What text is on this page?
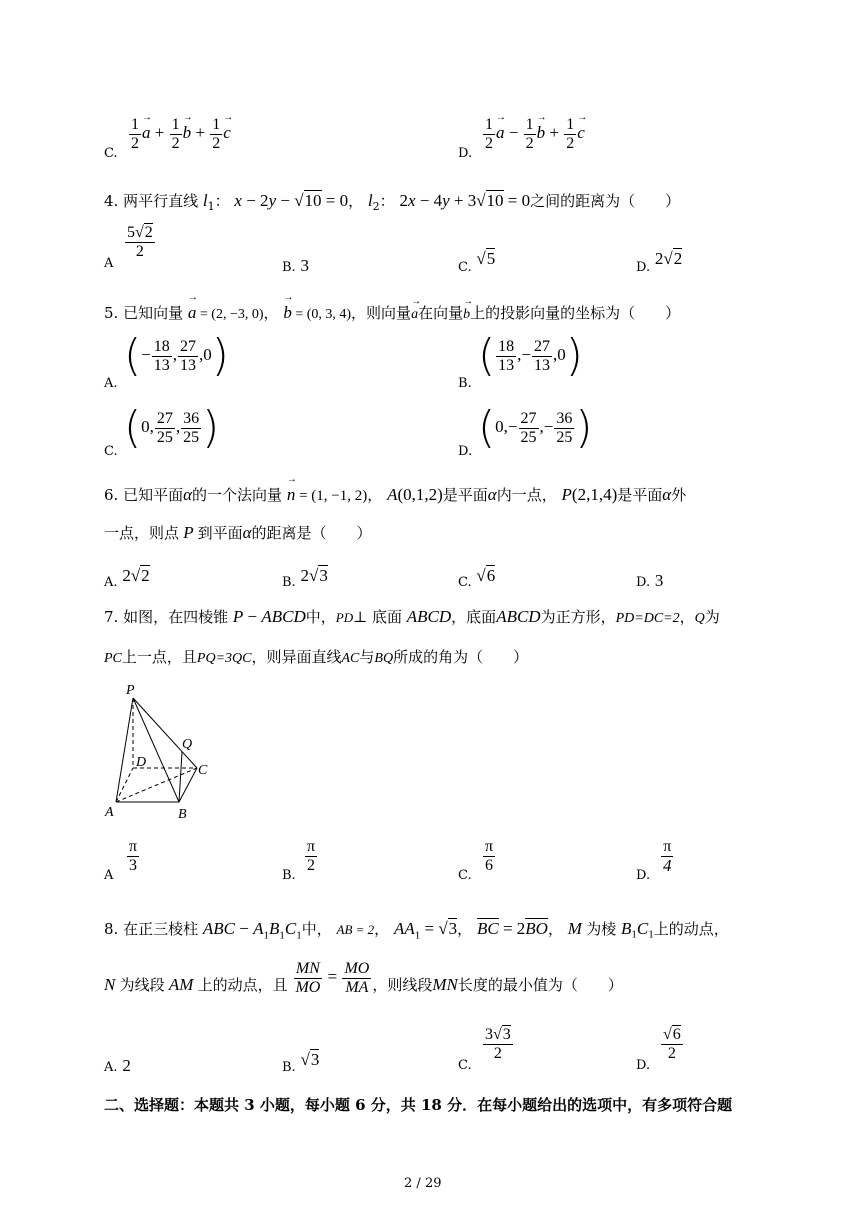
C.
$\frac{1}{2}$
→ $a + \frac{1}{2}$
→ $b + \frac{1}{2}$
→ c
D.
$\frac{1}{2}$
→ $a - \frac{1}{2}$
→ $b + \frac{1}{2}$
→ c
4. 两平行直线 $l_1$： x − 2y − √10 = 0， $l_2$： 2x − 4y + 3√10 = 0之间的距离为（　　）
A
$\frac{5√2}{2}$
B. 3	C. √5	D. 2√2
5. 已知向量 → a = (2, −3, 0)， → b = (0, 3, 4)，则向量→ a在向量→ b上的投影向量的坐标为（　　）
A.
(− $\frac{18}{13}$ , $\frac{27}{13} ,0$)
B.
( $\frac{18}{13}$ ,− $\frac{27}{13} ,0$)
C. (0, $\frac{27}{25}$ , $\frac{36}{25}$ )	D. ($0,- \frac{27}{25}$ ,− $\frac{36}{25}$ )
6. 已知平面α的一个法向量 → n = (1, −1, 2)， A(0,1,2)是平面α内一点， P(2,1,4)是平面α外
一点，则点 P 到平面α的距离是（　　）
A. 2√2	B. 2√3	C. √6	D. 3
7. 如图，在四棱锥 P − ABCD中，PD⊥ 底面 ABCD，底面ABCD为正方形，PD=DC=2，Q为
PC上一点，且PQ=3QC，则异面直线AC与BQ所成的角为（　　）
P
Q
D
C
A	B
A
$\frac{\pi}{3}$
B.
$\frac{\pi}{2}$
C.
$\frac{\pi}{6}$
D.
$\frac{\pi}{4}$
8. 在正三棱柱 ABC − $A_1B_1C_1$中， AB = 2， $AA_1 = √3$， BC = 2BO， M 为棱 $B_1C_1$上的动点，
N 为线段 AM 上的动点，且 $\frac{MN}{MO} = \frac{MO}{MA}$ ，则线段MN长度的最小值为（　　）
A. 2	B. √3	C.
$\frac{3√3}{2}$
D.
$\frac{√6}{2}$
二、选择题：本题共 3 小题，每小题 6 分，共 18 分．在每小题给出的选项中，有多项符合题
2 / 29
